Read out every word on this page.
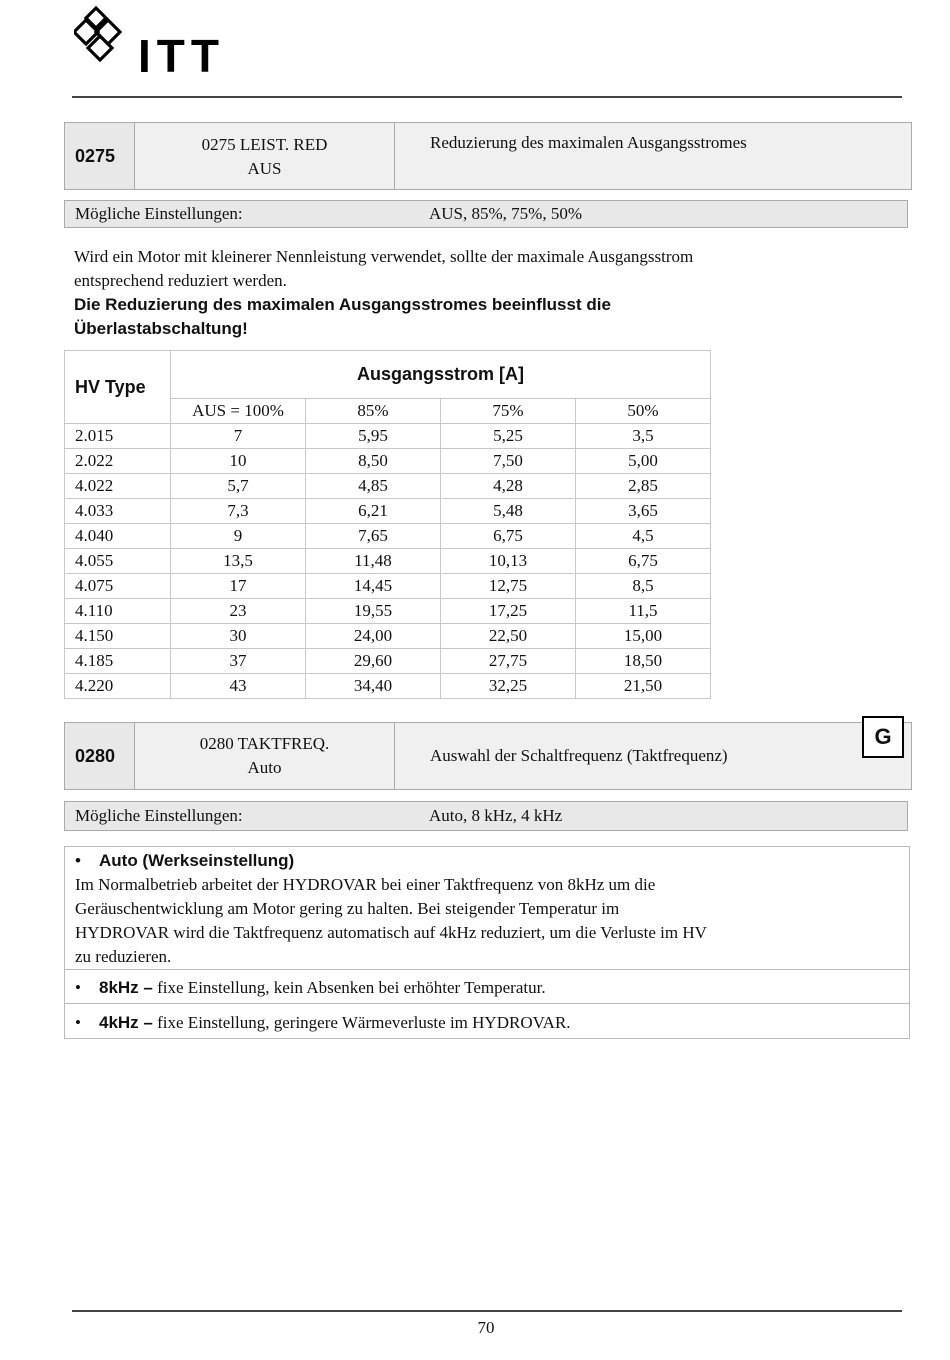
ITT
0275
0275 LEIST. RED
AUS
Reduzierung des maximalen Ausgangsstromes
Mögliche Einstellungen:	AUS, 85%, 75%, 50%
Wird ein Motor mit kleinerer Nennleistung verwendet, sollte der maximale Ausgangsstrom
entsprechend reduziert werden.
Die Reduzierung des maximalen Ausgangsstromes beeinflusst die
Überlastabschaltung!
HV Type	Ausgangsstrom [A]			
	AUS = 100%	85%	75%	50%
2.015	7	5,95	5,25	3,5
2.022	10	8,50	7,50	5,00
4.022	5,7	4,85	4,28	2,85
4.033	7,3	6,21	5,48	3,65
4.040	9	7,65	6,75	4,5
4.055	13,5	11,48	10,13	6,75
4.075	17	14,45	12,75	8,5
4.110	23	19,55	17,25	11,5
4.150	30	24,00	22,50	15,00
4.185	37	29,60	27,75	18,50
4.220	43	34,40	32,25	21,50
0280
0280 TAKTFREQ.
Auto
Auswahl der Schaltfrequenz (Taktfrequenz)
G
Mögliche Einstellungen:	Auto, 8 kHz, 4 kHz
• Auto (Werkseinstellung)
Im Normalbetrieb arbeitet der HYDROVAR bei einer Taktfrequenz von 8kHz um die
Geräuschentwicklung am Motor gering zu halten. Bei steigender Temperatur im
HYDROVAR wird die Taktfrequenz automatisch auf 4kHz reduziert, um die Verluste im HV
zu reduzieren.
• 8kHz – fixe Einstellung, kein Absenken bei erhöhter Temperatur.
• 4kHz – fixe Einstellung, geringere Wärmeverluste im HYDROVAR.
70
